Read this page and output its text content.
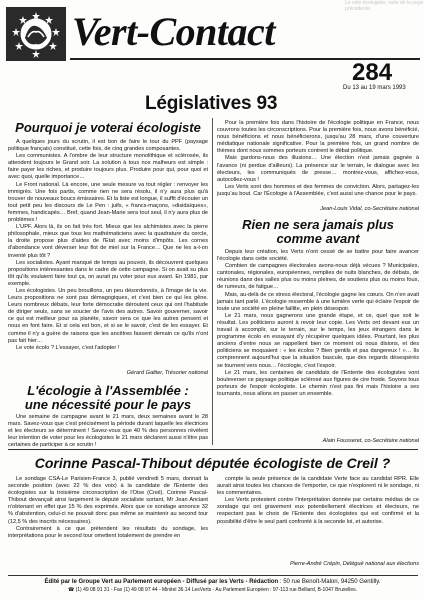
Le vote écologiste, suite de la page précédente
Vert-Contact
284
Du 13 au 19 mars 1993
Législatives 93
Pourquoi je voterai écologiste

A quelques jours du scrutin, il est bon de faire le tour du PPF (paysage politique français) constitué, cette fois, de cinq grandes composantes.

Les communistes. A l'ombre de leur structure monolithique et sclérosée, ils attendent toujours le Grand soir. La solution à tous nos malheurs est simple : faire payer les riches, et produire toujours plus. Produire pour qui, pour quoi et avec quoi, quelle importance…

Le Front national. Là encore, une seule mesure va tout régler : renvoyer les immigrés. Une fois partis, comme rien ne sera résolu, il n'y aura plus qu'à trouver de nouveaux boucs émissaires. Et la liste est longue, il suffit d'écouter un tout petit peu les discours de Le Pen : juifs, « francs-maçons, »disidaïques«, femmes, handicapés… Bref, quand Jean-Marie sera tout seul, il n'y aura plus de problèmes !

L'UPF. Alors là, ils on fait très fort. Mieux que les alchimistes avec la pierre philosophale, mieux que tous les mathématiciens avec la quadrature du cercle, la droite propose plus d'aides de l'Etat avec moins d'impôts. Les cornes d'abondance vont déverser leur flot de miel sur la France… Que ne les a-t-on inventé plus tôt ?

Les socialistes. Ayant manqué de temps au pouvoir, ils découvrent quelques propositions intéressantes dans le cadre de cette campagne. Si on avait su plus tôt qu'ils voulaient faire tout ça, on aurait pu voter pour eux avant. En 1981, par exemple.

Les écologistes. Un peu brouillons, un peu désordonnés, à l'image de la vie. Leurs propositions ne sont pas démagogiques, et c'est bien ce qui les gêne. Leurs nombreux débats, leur forte démocratie déroutent ceux qui ont l'habitude de diriger seuls, sans se soucier de l'avis des autres. Savoir gouverner, savoir ce qui est meilleur pour sa planète, savoir sera ce que les autres pensent et nous en font faire. Et si cela est bon, et si se le savoir, c'est de les essayer. Et comme il n'y a guère de raisons que les ancêtres fassent demain ce qu'ils n'ont pas fait hier…

Le vote écolo ? L'essayer, c'est l'adopter !

Gérard Galtier, Trésorier national
L'écologie à l'Assemblée :
une nécessité pour le pays

Une semaine de campagne avant le 21 mars, deux semaines avant le 28 mars. Savez-vous que c'est précisément la période durant laquelle les électrices et les électeurs se déterminent ! Savez-vous que 40 % des personnes révèlent leur intention de voter pour les écologistes le 21 mars déclarent aussi n'être pas certaines de participer à ce scrutin !

Pour la première fois dans l'histoire de l'écologie politique en France, nous couvrons toutes les circonscriptions. Pour la première fois, nous avons bénéficié, nous bénéficions et nous bénéficierons, jusqu'au 28 mars, d'une couverture médiatique nationale significative. Pour la première fois, un grand nombre de thèmes dont nous sommes porteurs contrent le débat politique.

Mais gardons-nous des illusions… Une élection n'est jamais gagnée à l'avance (ni perdue d'ailleurs). La présence sur le terrain, le dialogue avec les électeurs, les communiqués de presse… montrez-vous, affichez-vous, autocollez-vous !

Les Verts sont des hommes et des femmes de conviction. Alors, partagez-les jusqu'au bout. Car l'Écologie à l'Assemblée, c'est aussi une chance pour le pays.

Jean-Louis Vidal, co-Secrétaire national
Rien ne sera jamais plus
comme avant

Depuis leur création, les Verts n'ont cessé de se battre pour faire avancer l'écologie dans cette société.

Combien de campagnes électorales avons-nous déjà vécues ? Municipales, cantonales, régionales, européennes, remplies de nuits blanches, de débats, de réunions dans des salles plus ou moins pleines, de soutiens plus ou moins fous, de rumeurs, de fatigue…

Mais, au-delà de ce stress électoral, l'écologie gagne les cœurs. On n'en avait jamais tant parlé. L'écologie ressemble à une lumière verte qui éclaire l'espoir de toute une société en pleine faillite, en plein désespoir.

Le 21 mars, nous gagnerons une grande étape, et ce, quel que soit le résultat. Les politiciens auront à revoir leur copie. Les Verts ont devant eux un travail à accomplir, sur le terrain, sur le temps, les jeux étrangers dans le programme écolo en essayant d'y récupérer quelques idées. Pourtant, les plus anciens d'entre nous se rappellent bien ce moment où nous disions, et des politiciens se moquaient : « les écolos ? Bien gentils et pas dangereux ! »… Ils comprennent aujourd'hui que la situation bascule, que des regards désespérés se tournent vers nous… l'écologie, c'est l'espoir.

Le 21 mars, les centaines de candidats de l'Entente des écologistes vont bouleverser ce paysage politique sclérosé aux figures de cire froide. Soyons tous porteurs de l'espoir écologiste. Le chemin n'est pas fini mais l'histoire a ses tournants, nous allons en passer un ensemble.

Alain Fousseret, co-Secrétaire national
Corinne Pascal-Thibout députée écologiste de Creil ?

Le sondage CSA-Le Parisien-France 3, publié vendredi 5 mars, donnait la seconde position (avec 22 % des voix) à la candidate de l'Entente des écologistes sur la troisième circonscription de l'Oise (Creil). Corinne Pascal-Thibout devançait ainsi largement le député socialiste sortant, Mr Jean Anciant n'obtenant en effet que 15 % des exprimés. Alors que ce sondage annonce 32 % d'abstention, celui-ci ne pouvait donc pas même se maintenir au second tour (12,5 % des inscrits nécessaires).

Contrairement à ce que prétendent les résultats du sondage, les interprétations pour le second tour omettent totalement de prendre en

compte la seule présence de la candidate Verte face au candidat RPR. Elle aurait ainsi toutes les chances de l'emporter, ce que n'explorent ni le sondage, ni les commentaires.

Les Verts protestent contre l'interprétation donnée par certains médias de ce sondage qui ont gravement eux potentiellement électrices et électeurs, ne respectant pas le choix de l'Entente des écologistes qui est confirmé et la possibilité d'être le seul parti confronté à la seconde loi, et autorise.

Pierre-André Crépin, Délégué national aux élections
Édité par le Groupe Vert au Parlement européen - Diffusé par les Verts - Rédaction : 50 rue Benoît-Malon, 94250 Gentilly.
☎ (1) 49 08 91 31 - Fax (1) 49 08 97 44 - Minitel 36.14 LesVerts - Au Parlement Européen : 97-113 rue Belliard, B-1047 Bruxelles.
